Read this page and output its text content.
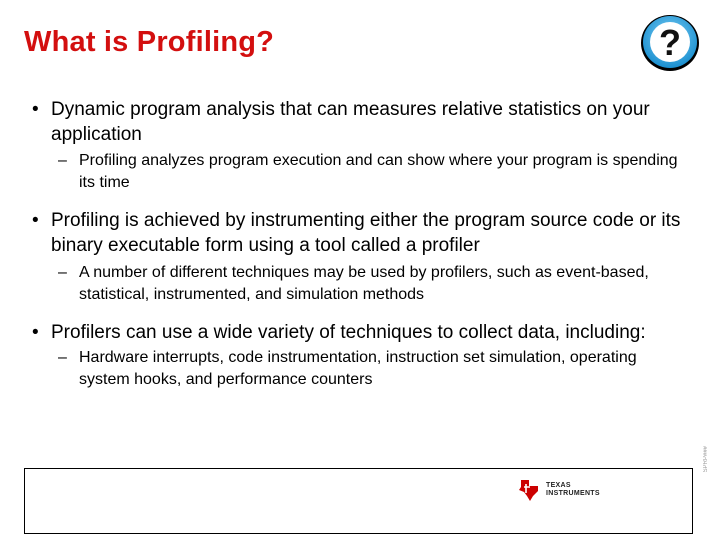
What is Profiling?	?
• Dynamic program analysis that can measures relative statistics on your application
– Profiling analyzes program execution and can show where your program is spending its time
• Profiling is achieved by instrumenting either the program source code or its binary executable form using a tool called a profiler
– A number of different techniques may be used by profilers, such as event-based, statistical, instrumented, and simulation methods
• Profilers can use a wide variety of techniques to collect data, including:
– Hardware interrupts, code instrumentation, instruction set simulation, operating system hooks, and performance counters
SPRP###
TEXAS
INSTRUMENTS
